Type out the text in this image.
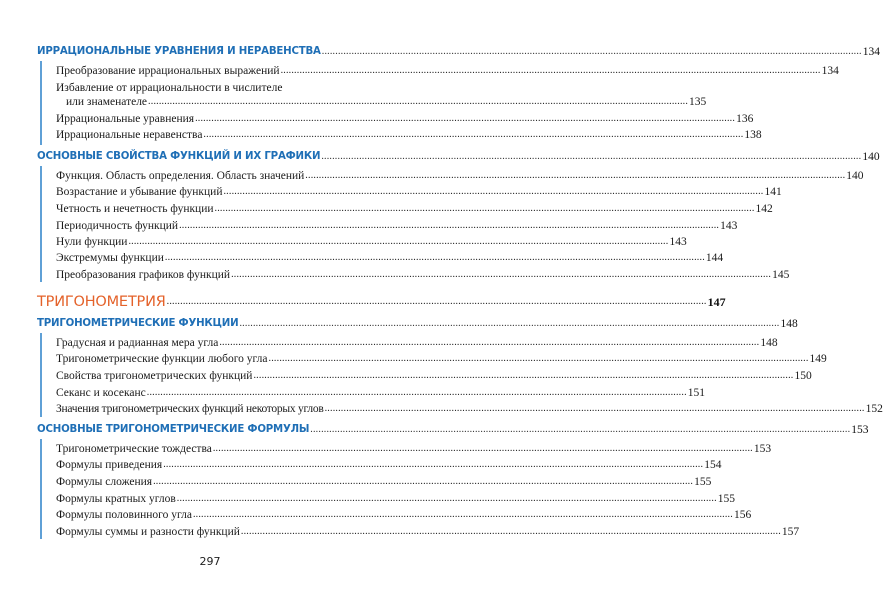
ИРРАЦИОНАЛЬНЫЕ УРАВНЕНИЯ И НЕРАВЕНСТВА ........................................................................................................................................................................................................ 134
Преобразование иррациональных выражений ........................................................................................................................................................................................................ 134
Избавление от иррациональности в числителе
или знаменателе ........................................................................................................................................................................................................ 135
Иррациональные уравнения ........................................................................................................................................................................................................ 136
Иррациональные неравенства ........................................................................................................................................................................................................ 138
ОСНОВНЫЕ СВОЙСТВА ФУНКЦИЙ И ИХ ГРАФИКИ ........................................................................................................................................................................................................ 140
Функция. Область определения. Область значений ........................................................................................................................................................................................................ 140
Возрастание и убывание функций ........................................................................................................................................................................................................ 141
Четность и нечетность функции ........................................................................................................................................................................................................ 142
Периодичность функций ........................................................................................................................................................................................................ 143
Нули функции ........................................................................................................................................................................................................ 143
Экстремумы функции ........................................................................................................................................................................................................ 144
Преобразования графиков функций ........................................................................................................................................................................................................ 145
ТРИГОНОМЕТРИЯ ........................................................................................................................................................................................................ 147
ТРИГОНОМЕТРИЧЕСКИЕ ФУНКЦИИ ........................................................................................................................................................................................................ 148
Градусная и радианная мера угла ........................................................................................................................................................................................................ 148
Тригонометрические функции любого угла ........................................................................................................................................................................................................ 149
Свойства тригонометрических функций ........................................................................................................................................................................................................ 150
Секанс и косеканс ........................................................................................................................................................................................................ 151
Значения тригонометрических функций некоторых углов ........................................................................................................................................................................................................ 152
ОСНОВНЫЕ ТРИГОНОМЕТРИЧЕСКИЕ ФОРМУЛЫ ........................................................................................................................................................................................................ 153
Тригонометрические тождества ........................................................................................................................................................................................................ 153
Формулы приведения ........................................................................................................................................................................................................ 154
Формулы сложения ........................................................................................................................................................................................................ 155
Формулы кратных углов ........................................................................................................................................................................................................ 155
Формулы половинного угла ........................................................................................................................................................................................................ 156
Формулы суммы и разности функций ........................................................................................................................................................................................................ 157
297
